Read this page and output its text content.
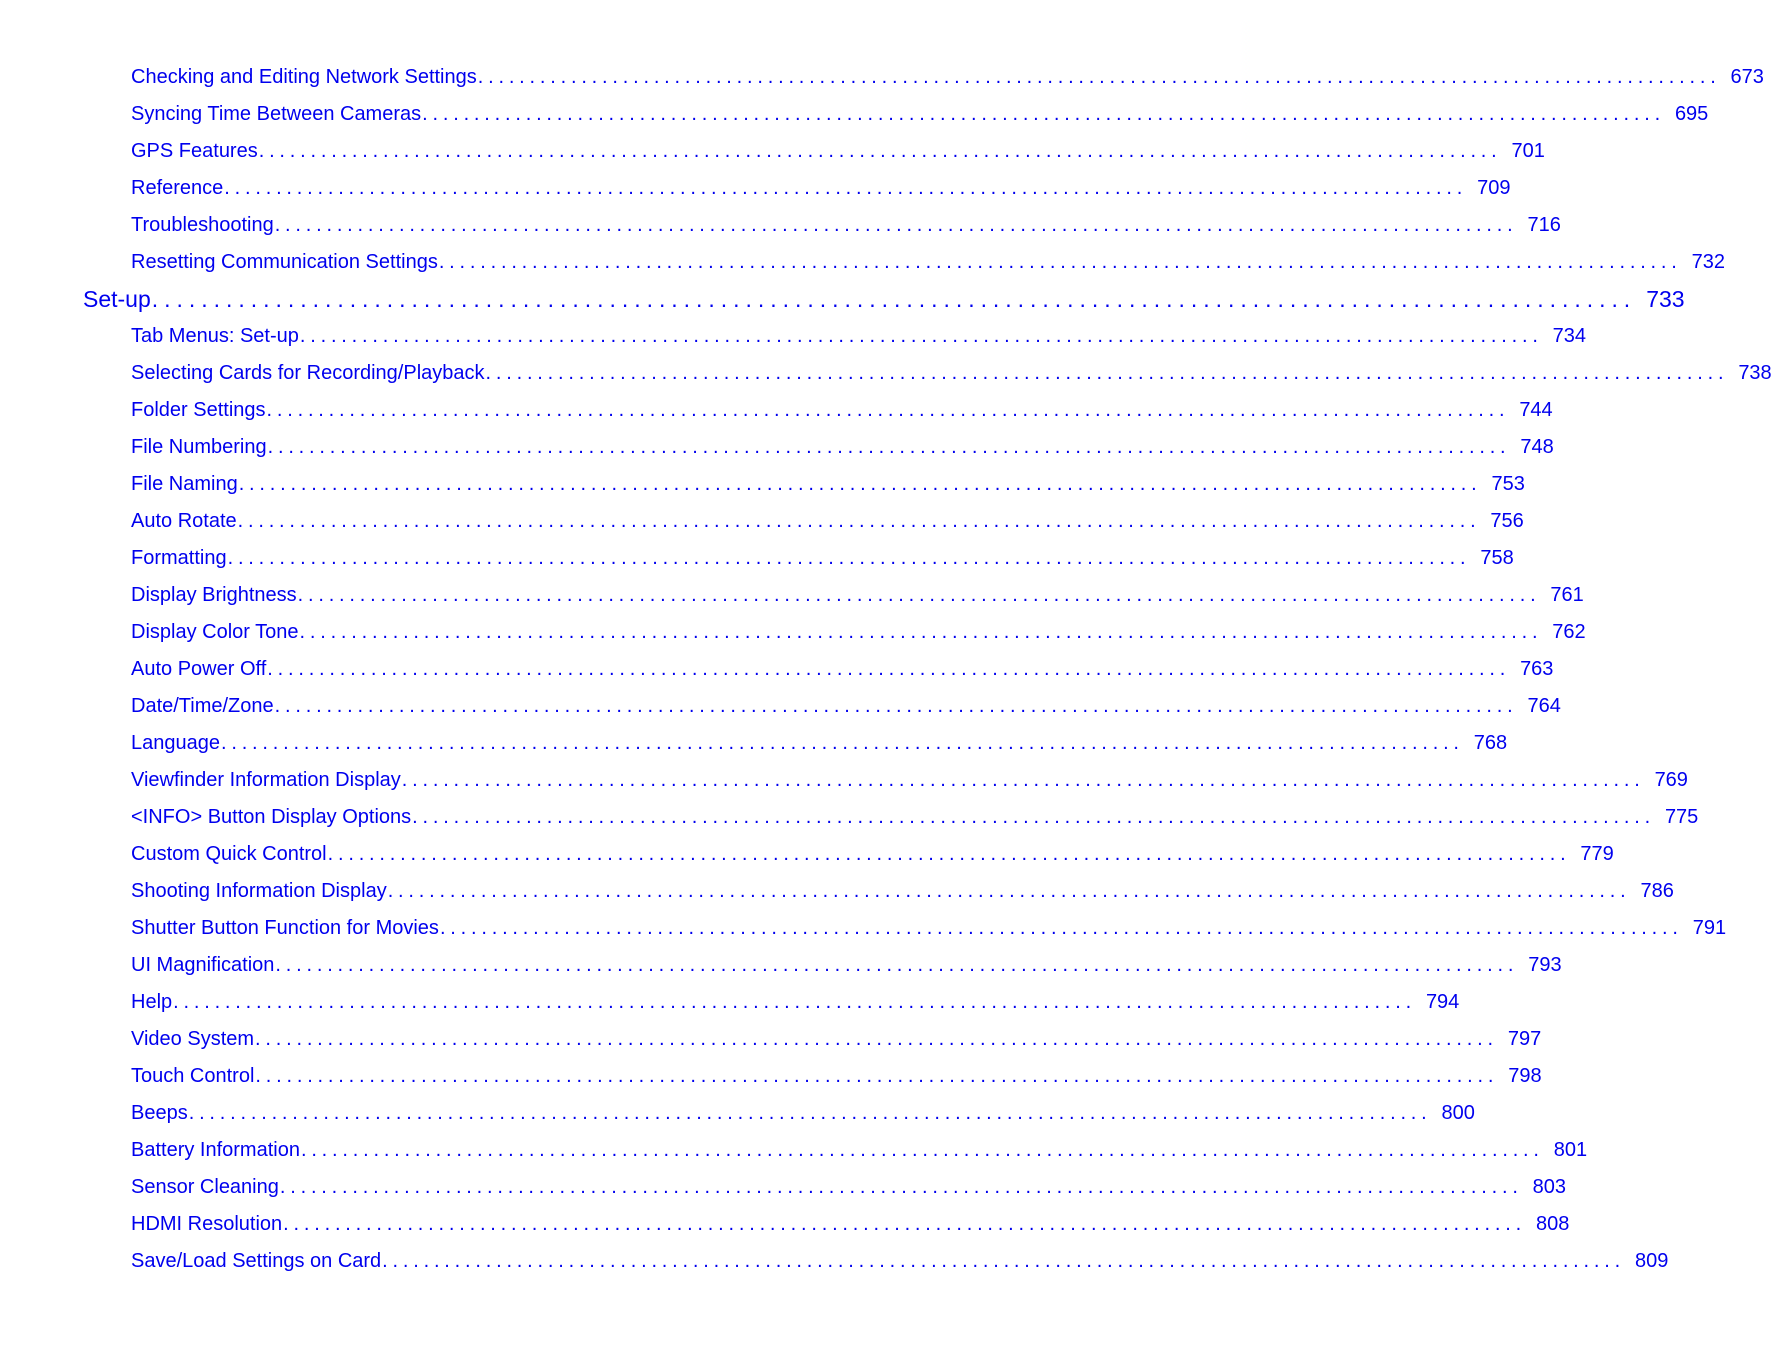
Checking and Editing Network Settings ........................................................................................................................ 673
Syncing Time Between Cameras ........................................................................................................................ 695
GPS Features ........................................................................................................................ 701
Reference ........................................................................................................................ 709
Troubleshooting ........................................................................................................................ 716
Resetting Communication Settings ........................................................................................................................ 732
Set-up ........................................................................................................................ 733
Tab Menus: Set-up ........................................................................................................................ 734
Selecting Cards for Recording/Playback ........................................................................................................................ 738
Folder Settings ........................................................................................................................ 744
File Numbering ........................................................................................................................ 748
File Naming ........................................................................................................................ 753
Auto Rotate ........................................................................................................................ 756
Formatting ........................................................................................................................ 758
Display Brightness ........................................................................................................................ 761
Display Color Tone ........................................................................................................................ 762
Auto Power Off ........................................................................................................................ 763
Date/Time/Zone ........................................................................................................................ 764
Language ........................................................................................................................ 768
Viewfinder Information Display ........................................................................................................................ 769
<INFO> Button Display Options ........................................................................................................................ 775
Custom Quick Control ........................................................................................................................ 779
Shooting Information Display ........................................................................................................................ 786
Shutter Button Function for Movies ........................................................................................................................ 791
UI Magnification ........................................................................................................................ 793
Help ........................................................................................................................ 794
Video System ........................................................................................................................ 797
Touch Control ........................................................................................................................ 798
Beeps ........................................................................................................................ 800
Battery Information ........................................................................................................................ 801
Sensor Cleaning ........................................................................................................................ 803
HDMI Resolution ........................................................................................................................ 808
Save/Load Settings on Card ........................................................................................................................ 809
